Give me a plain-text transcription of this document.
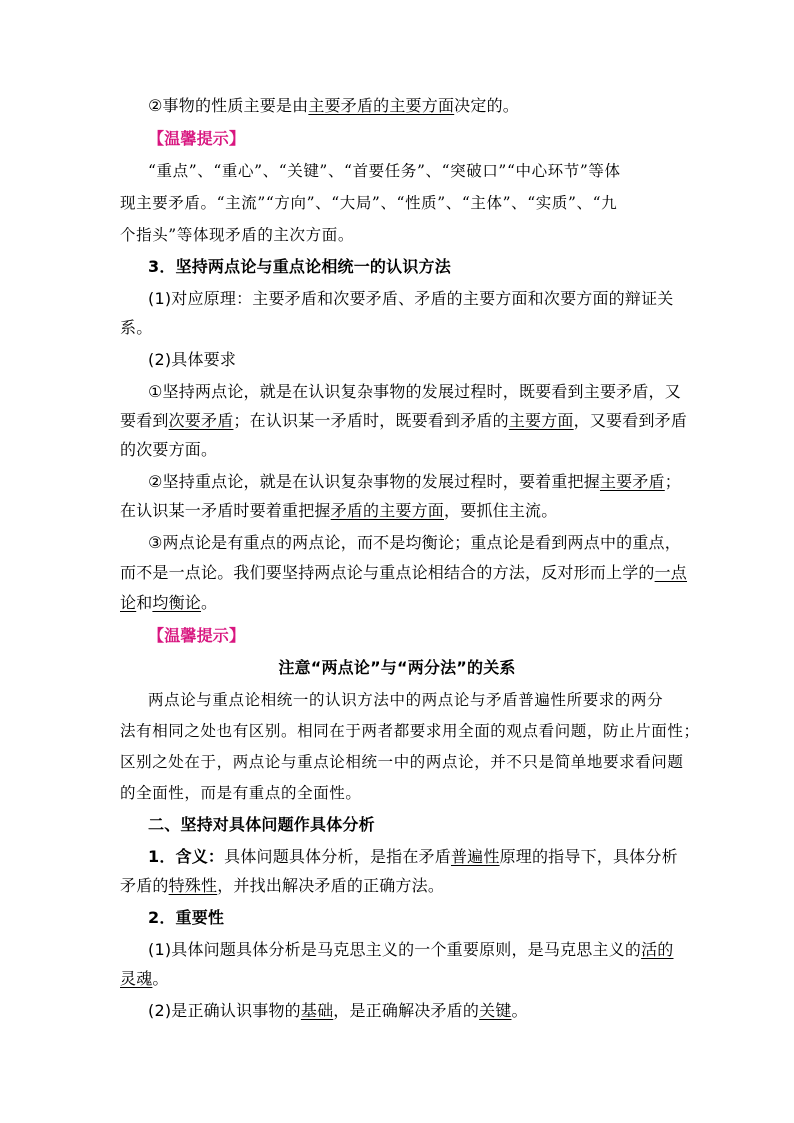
②事物的性质主要是由主要矛盾的主要方面决定的。
【温馨提示】
“重点”、“重心”、“关键”、“首要任务”、“突破口”“中心环节”等体
现主要矛盾。“主流”“方向”、“大局”、“性质”、“主体”、“实质”、“九
个指头”等体现矛盾的主次方面。
3．坚持两点论与重点论相统一的认识方法
(1)对应原理：主要矛盾和次要矛盾、矛盾的主要方面和次要方面的辩证关
系。
(2)具体要求
①坚持两点论，就是在认识复杂事物的发展过程时，既要看到主要矛盾，又
要看到次要矛盾；在认识某一矛盾时，既要看到矛盾的主要方面，又要看到矛盾
的次要方面。
②坚持重点论，就是在认识复杂事物的发展过程时，要着重把握主要矛盾；
在认识某一矛盾时要着重把握矛盾的主要方面，要抓住主流。
③两点论是有重点的两点论，而不是均衡论；重点论是看到两点中的重点，
而不是一点论。我们要坚持两点论与重点论相结合的方法，反对形而上学的一点
论和均衡论。
【温馨提示】
注意“两点论”与“两分法”的关系
两点论与重点论相统一的认识方法中的两点论与矛盾普遍性所要求的两分
法有相同之处也有区别。相同在于两者都要求用全面的观点看问题，防止片面性；
区别之处在于，两点论与重点论相统一中的两点论，并不只是简单地要求看问题
的全面性，而是有重点的全面性。
二、坚持对具体问题作具体分析
1．含义：具体问题具体分析，是指在矛盾普遍性原理的指导下，具体分析
矛盾的特殊性，并找出解决矛盾的正确方法。
2．重要性
(1)具体问题具体分析是马克思主义的一个重要原则，是马克思主义的活的
灵魂。
(2)是正确认识事物的基础，是正确解决矛盾的关键。
